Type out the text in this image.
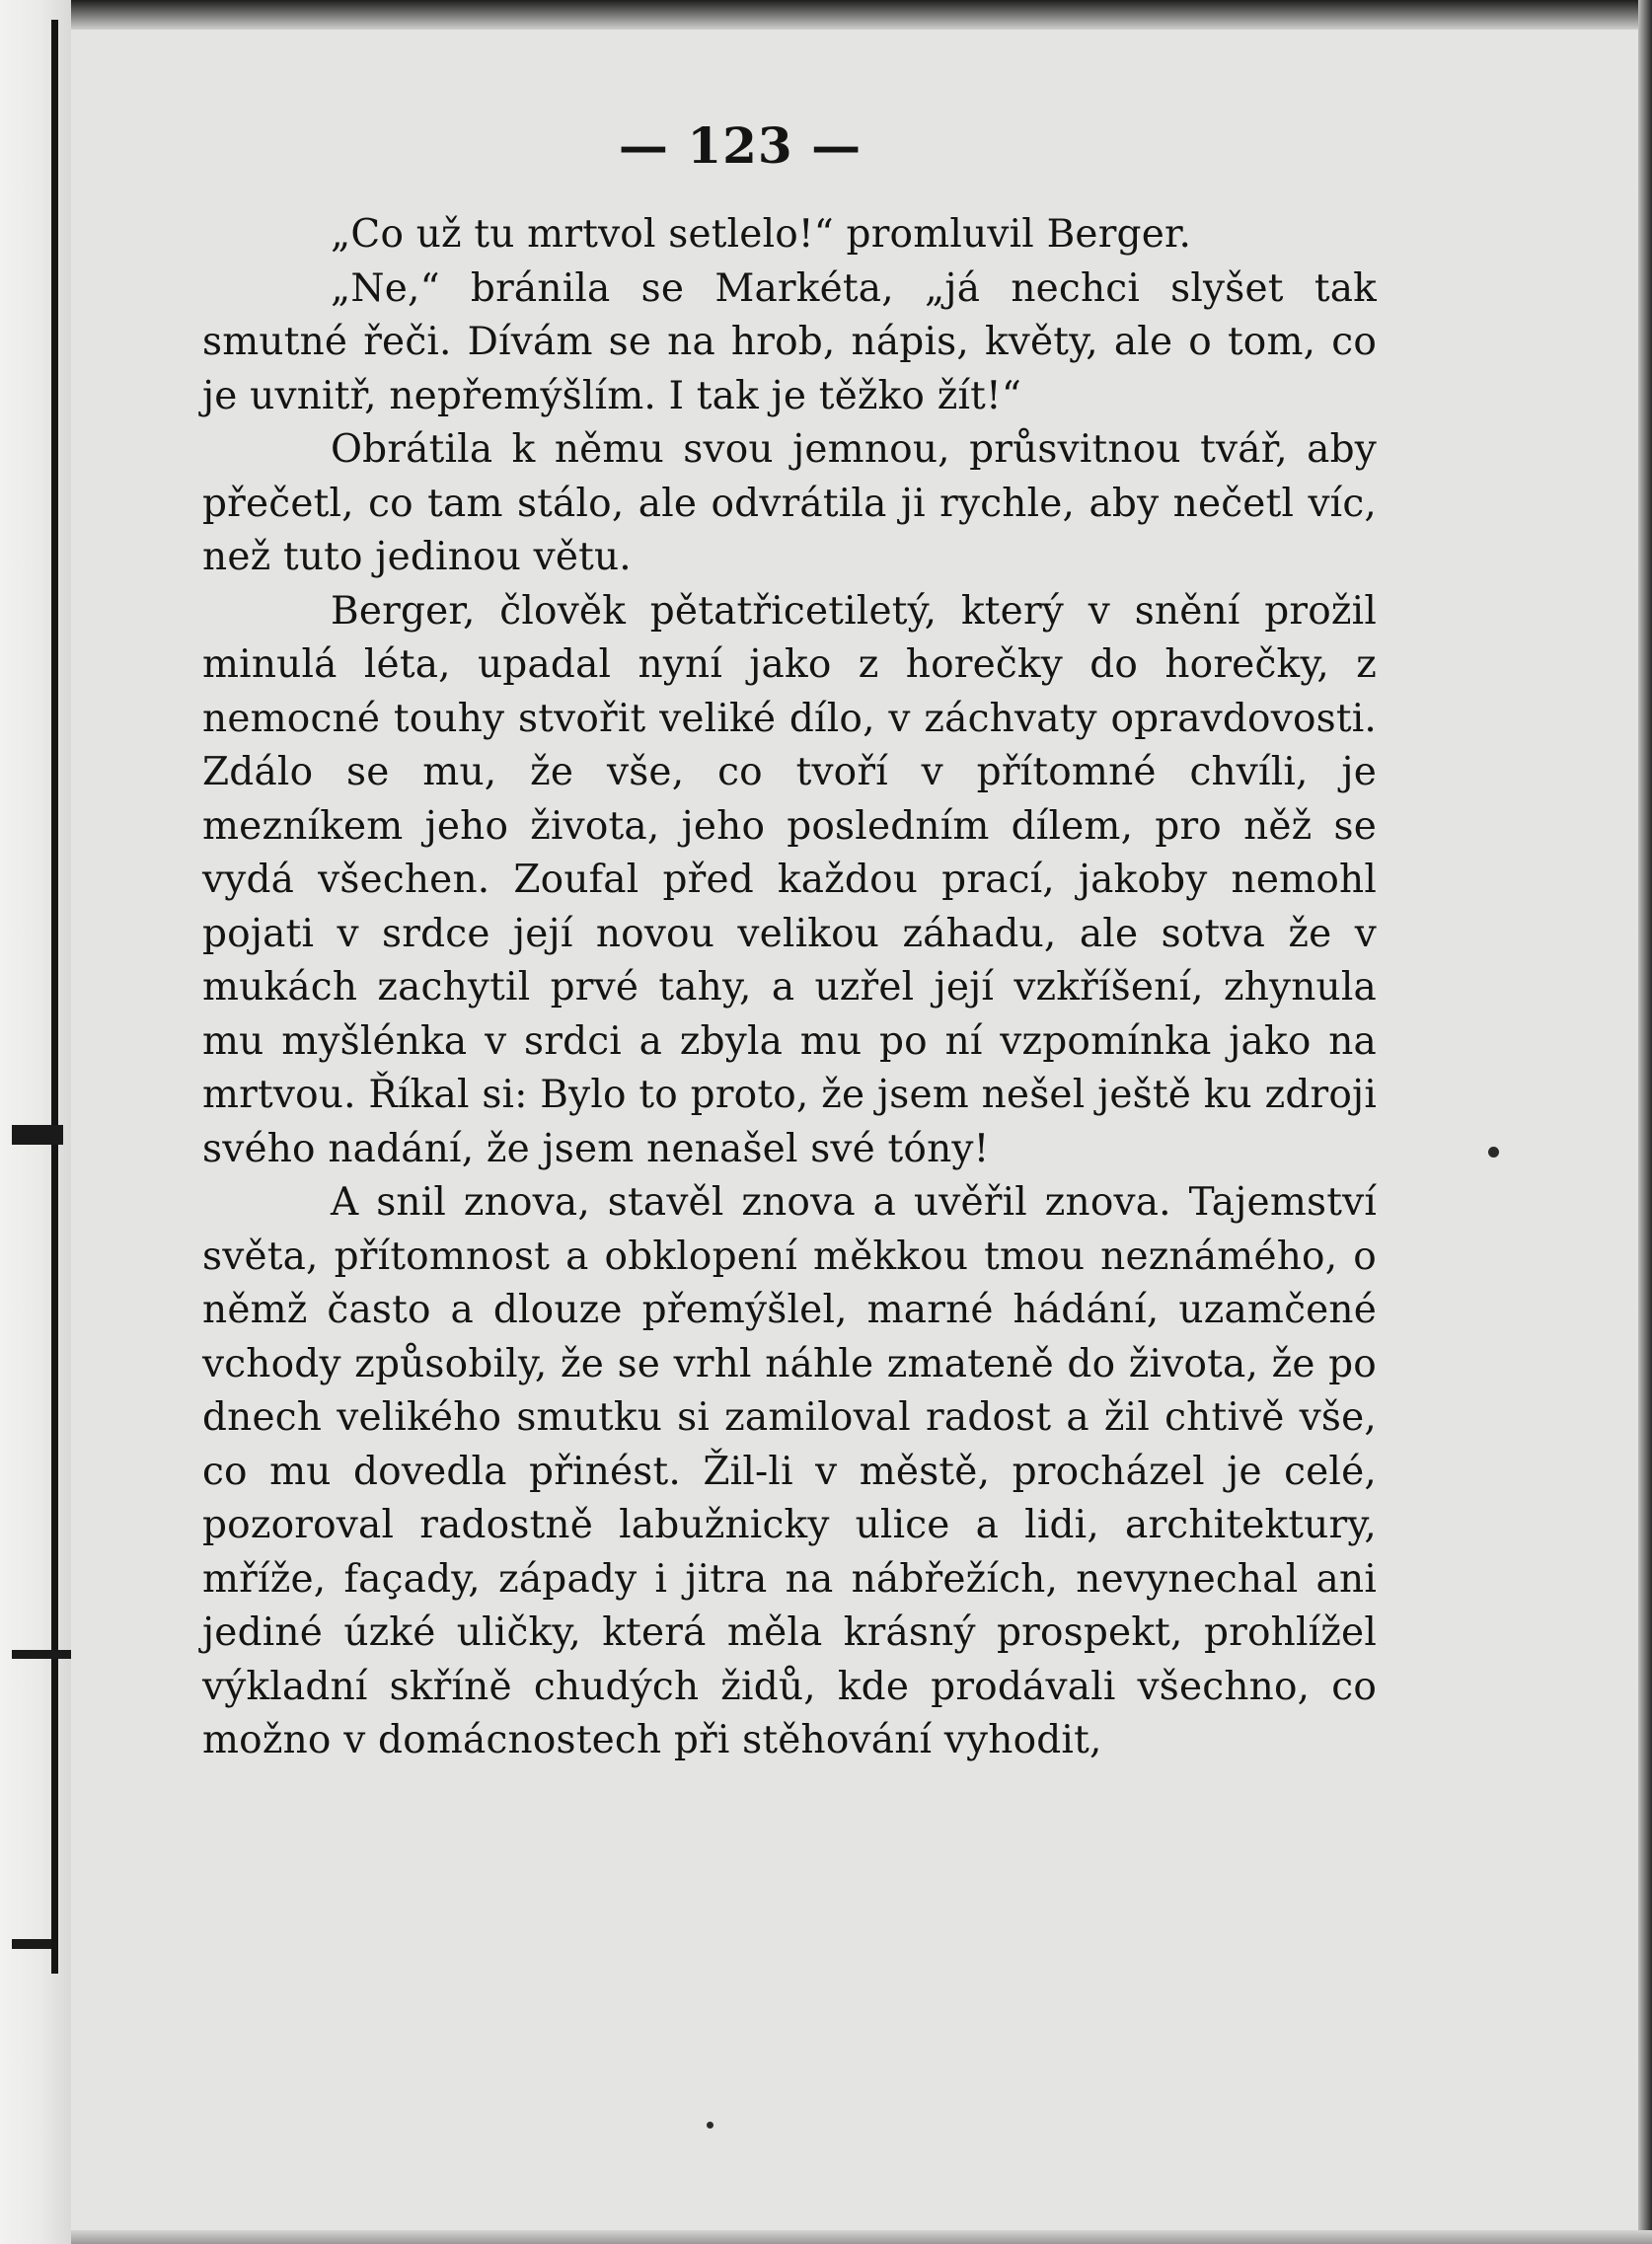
— 123 —

„Co už tu mrtvol setlelo!“ promluvil Berger.

„Ne,“ bránila se Markéta, „já nechci slyšet tak smutné řeči. Dívám se na hrob, nápis, květy, ale o tom, co je uvnitř, nepřemýšlím. I tak je těžko žít!“

Obrátila k němu svou jemnou, průsvitnou tvář, aby přečetl, co tam stálo, ale odvrátila ji rychle, aby nečetl víc, než tuto jedinou větu.

Berger, člověk pětatřicetiletý, který v snění prožil minulá léta, upadal nyní jako z horečky do horečky, z nemocné touhy stvořit veliké dílo, v záchvaty opravdovosti. Zdálo se mu, že vše, co tvoří v přítomné chvíli, je mezníkem jeho života, jeho posledním dílem, pro něž se vydá všechen. Zoufal před každou prací, jakoby nemohl pojati v srdce její novou velikou záhadu, ale sotva že v mukách zachytil prvé tahy, a uzřel její vzkříšení, zhynula mu myšlénka v srdci a zbyla mu po ní vzpomínka jako na mrtvou. Říkal si: Bylo to proto, že jsem nešel ještě ku zdroji svého nadání, že jsem nenašel své tóny!

A snil znova, stavěl znova a uvěřil znova. Tajemství světa, přítomnost a obklopení měkkou tmou neznámého, o němž často a dlouze přemýšlel, marné hádání, uzamčené vchody způsobily, že se vrhl náhle zmateně do života, že po dnech velikého smutku si zamiloval radost a žil chtivě vše, co mu dovedla přinést. Žil-li v městě, procházel je celé, pozoroval radostně labužnicky ulice a lidi, architektury, mříže, façady, západy i jitra na nábřežích, nevynechal ani jediné úzké uličky, která měla krásný prospekt, prohlížel výkladní skříně chudých židů, kde prodávali všechno, co možno v domácnostech při stěhování vyhodit,
